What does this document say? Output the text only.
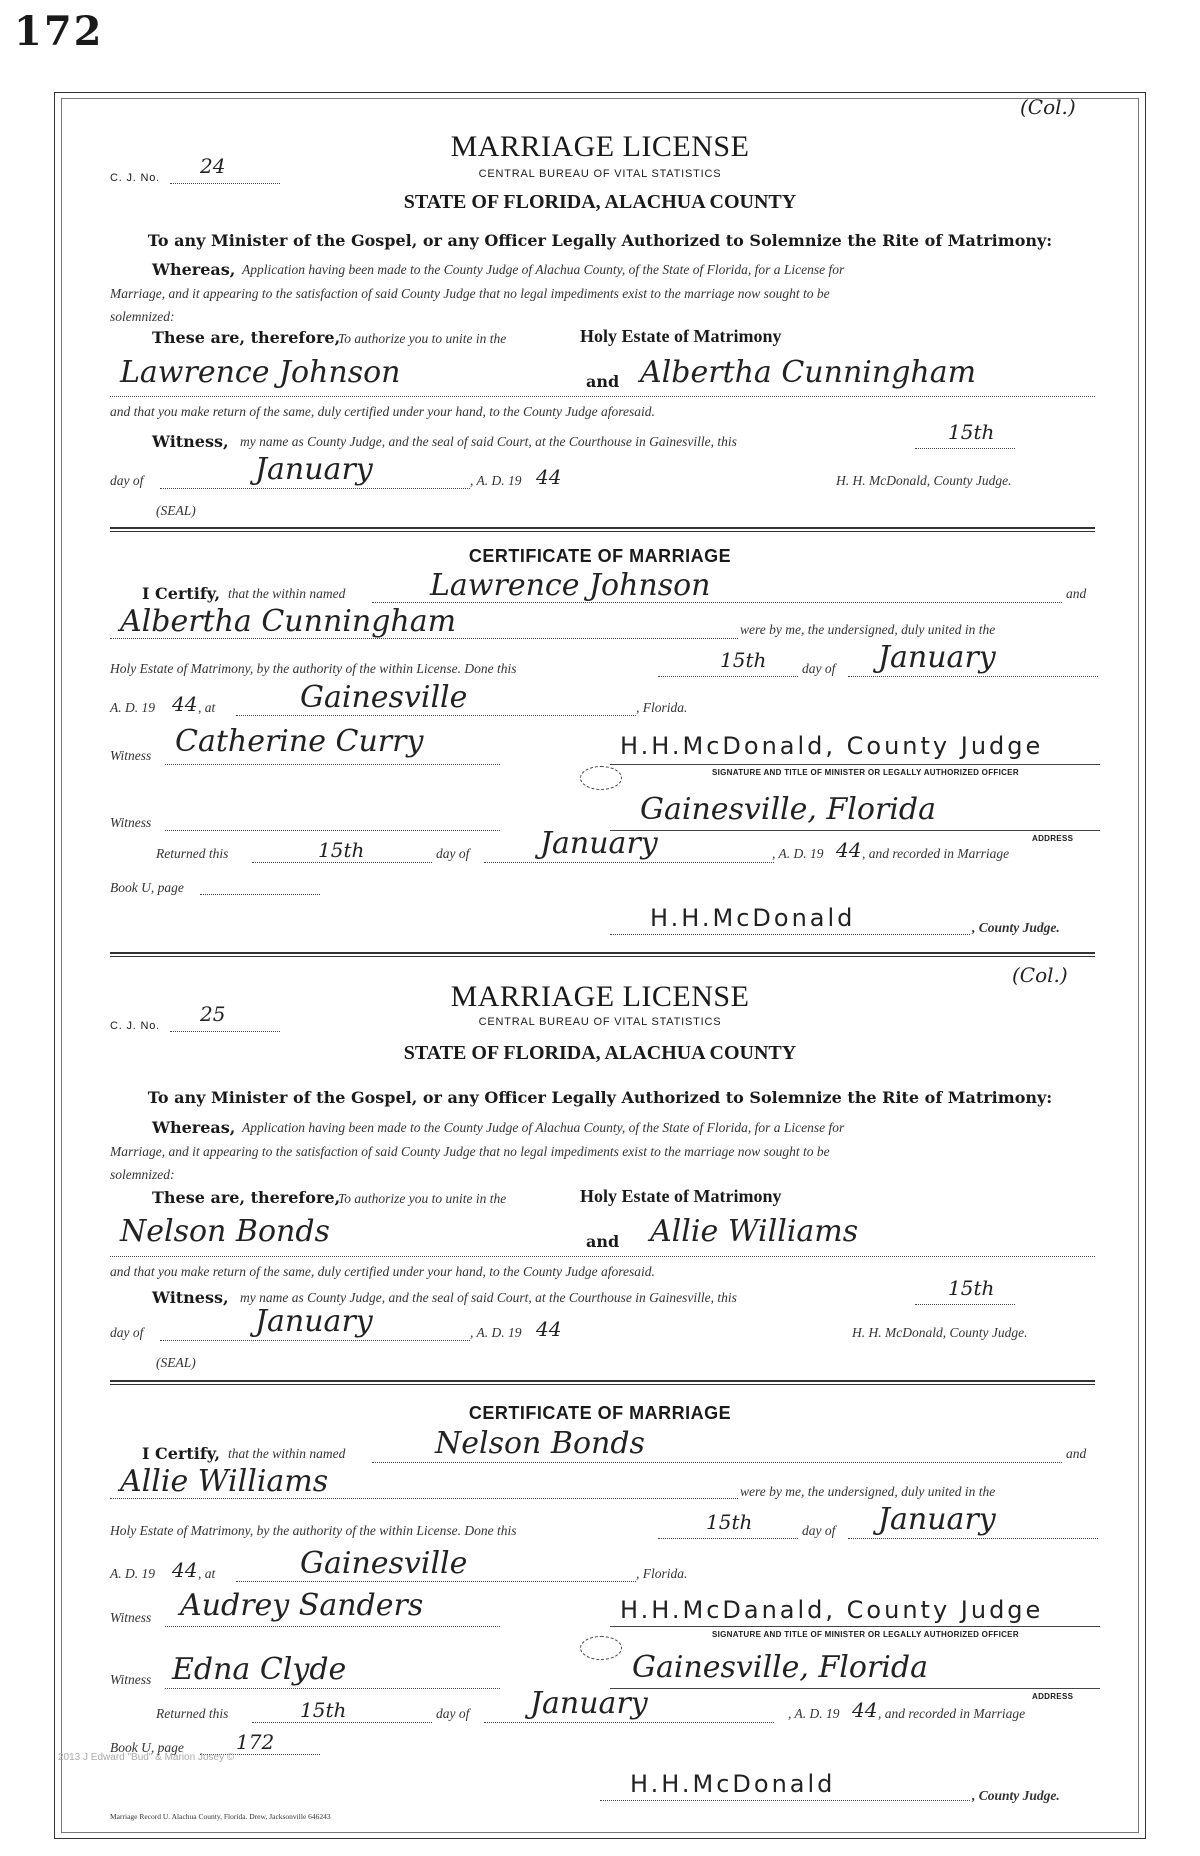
172
(Col.)
MARRIAGE LICENSE
C. J. No. 24	CENTRAL BUREAU OF VITAL STATISTICS
STATE OF FLORIDA, ALACHUA COUNTY
To any Minister of the Gospel, or any Officer Legally Authorized to Solemnize the Rite of Matrimony:
Whereas, Application having been made to the County Judge of Alachua County, of the State of Florida, for a License for
Marriage, and it appearing to the satisfaction of said County Judge that no legal impediments exist to the marriage now sought to be
solemnized:
These are, therefore,
To authorize you to unite in the	Holy Estate of Matrimony
Lawrence Johnson	and Albertha Cunningham
and that you make return of the same, duly certified under your hand, to the County Judge aforesaid.
Witness, my name as County Judge, and the seal of said Court, at the Courthouse in Gainesville, this	15th
day of	January	, A. D. 19 44	H. H. McDonald, County Judge.
(SEAL)
CERTIFICATE OF MARRIAGE
I Certify, that the within named	Lawrence Johnson	and
Albertha Cunningham	were by me, the undersigned, duly united in the
Holy Estate of Matrimony, by the authority of the within License. Done this	15th	day of January
A. D. 19 44 , at	Gainesville	, Florida.
Witness Catherine Curry	H.H.McDonald, County Judge
SIGNATURE AND TITLE OF MINISTER OR LEGALLY AUTHORIZED OFFICER
Witness	Gainesville, Florida
ADDRESS
Returned this	15th	day of January	, A. D. 19 44 , and recorded in Marriage
Book U, page
H.H.McDonald	, County Judge.
(Col.)
MARRIAGE LICENSE
C. J. No. 25	CENTRAL BUREAU OF VITAL STATISTICS
STATE OF FLORIDA, ALACHUA COUNTY
To any Minister of the Gospel, or any Officer Legally Authorized to Solemnize the Rite of Matrimony:
Whereas, Application having been made to the County Judge of Alachua County, of the State of Florida, for a License for
Marriage, and it appearing to the satisfaction of said County Judge that no legal impediments exist to the marriage now sought to be
solemnized:
These are, therefore,
To authorize you to unite in the	Holy Estate of Matrimony
Nelson Bonds	and Allie Williams
and that you make return of the same, duly certified under your hand, to the County Judge aforesaid.
Witness, my name as County Judge, and the seal of said Court, at the Courthouse in Gainesville, this	15th
day of	January	, A. D. 19 44	H. H. McDonald, County Judge.
(SEAL)
CERTIFICATE OF MARRIAGE
I Certify, that the within named	Nelson Bonds	and
Allie Williams	were by me, the undersigned, duly united in the
Holy Estate of Matrimony, by the authority of the within License. Done this	15th	day of January
A. D. 19 44 , at	Gainesville	, Florida.
Witness Audrey Sanders	H.H.McDanald, County Judge
SIGNATURE AND TITLE OF MINISTER OR LEGALLY AUTHORIZED OFFICER
Witness Edna Clyde	Gainesville, Florida
ADDRESS
Returned this	15th	day of January	, A. D. 19 44 , and recorded in Marriage
Book U, page	172
H.H.McDonald	, County Judge.
2013 J Edward "Bud" & Marion Josey ©
Marriage Record U. Alachua County, Florida. Drew, Jacksonville 646243
